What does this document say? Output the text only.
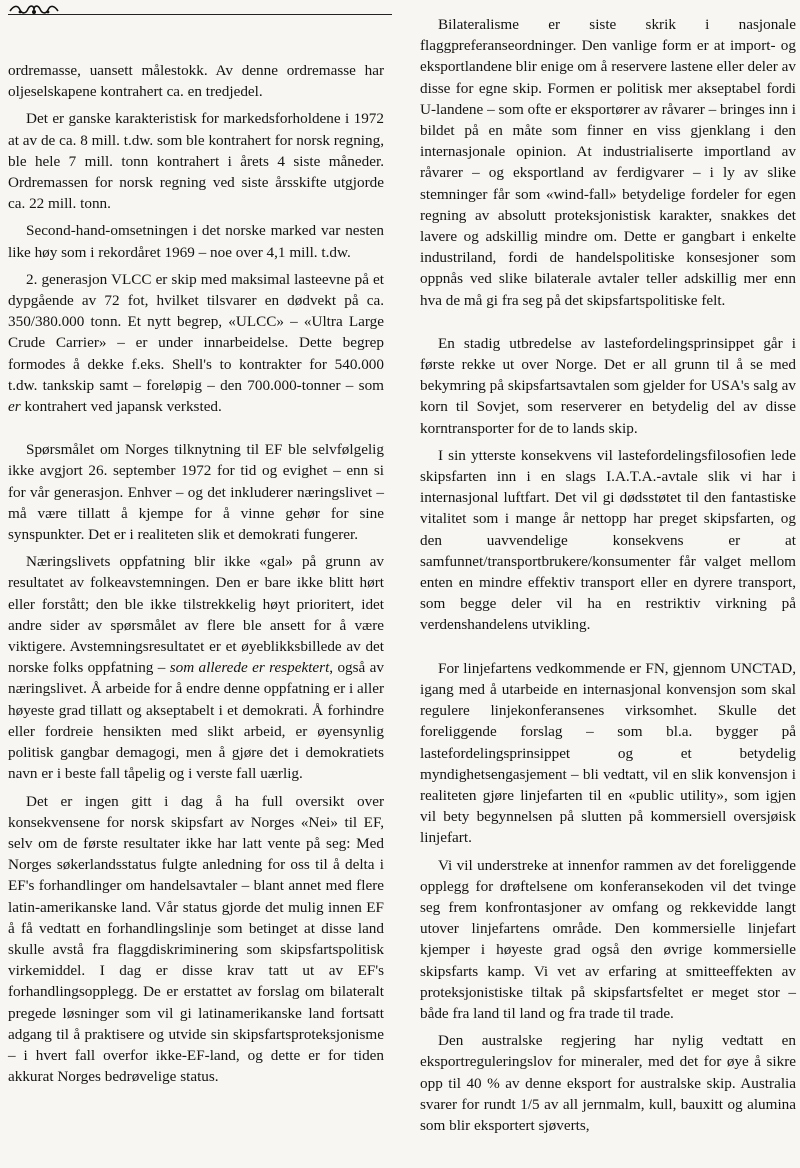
ordremasse, uansett målestokk. Av denne ordremasse har oljeselskapene kontrahert ca. en tredjedel.

Det er ganske karakteristisk for markedsforholdene i 1972 at av de ca. 8 mill. t.dw. som ble kontrahert for norsk regning, ble hele 7 mill. tonn kontrahert i årets 4 siste måneder. Ordremassen for norsk regning ved siste årsskifte utgjorde ca. 22 mill. tonn.

Second-hand-omsetningen i det norske marked var nesten like høy som i rekordåret 1969 – noe over 4,1 mill. t.dw.

2. generasjon VLCC er skip med maksimal lasteevne på et dypgående av 72 fot, hvilket tilsvarer en dødvekt på ca. 350/380.000 tonn. Et nytt begrep, «ULCC» – «Ultra Large Crude Carrier» – er under innarbeidelse. Dette begrep formodes å dekke f.eks. Shell's to kontrakter for 540.000 t.dw. tankskip samt – foreløpig – den 700.000-tonner – som er kontrahert ved japansk verksted.

Spørsmålet om Norges tilknytning til EF ble selvfølgelig ikke avgjort 26. september 1972 for tid og evighet – enn si for vår generasjon. Enhver – og det inkluderer næringslivet – må være tillatt å kjempe for å vinne gehør for sine synspunkter. Det er i realiteten slik et demokrati fungerer.

Næringslivets oppfatning blir ikke «gal» på grunn av resultatet av folkeavstemningen. Den er bare ikke blitt hørt eller forstått; den ble ikke tilstrekkelig høyt prioritert, idet andre sider av spørsmålet av flere ble ansett for å være viktigere. Avstemningsresultatet er et øyeblikksbillede av det norske folks oppfatning – som allerede er respektert, også av næringslivet. Å arbeide for å endre denne oppfatning er i aller høyeste grad tillatt og akseptabelt i et demokrati. Å forhindre eller fordreie hensikten med slikt arbeid, er øyensynlig politisk gangbar demagogi, men å gjøre det i demokratiets navn er i beste fall tåpelig og i verste fall uærlig.

Det er ingen gitt i dag å ha full oversikt over konsekvensene for norsk skipsfart av Norges «Nei» til EF, selv om de første resultater ikke har latt vente på seg: Med Norges søkerlandsstatus fulgte anledning for oss til å delta i EF's forhandlinger om handelsavtaler – blant annet med flere latin-amerikanske land. Vår status gjorde det mulig innen EF å få vedtatt en forhandlingslinje som betinget at disse land skulle avstå fra flaggdiskriminering som skipsfartspolitisk virkemiddel. I dag er disse krav tatt ut av EF's forhandlingsopplegg. De er erstattet av forslag om bilateralt pregede løsninger som vil gi latinamerikanske land fortsatt adgang til å praktisere og utvide sin skipsfartsproteksjonisme – i hvert fall overfor ikke-EF-land, og dette er for tiden akkurat Norges bedrøvelige status.

Bilateralisme er siste skrik i nasjonale flaggpreferanseordninger. Den vanlige form er at import- og eksportlandene blir enige om å reservere lastene eller deler av disse for egne skip. Formen er politisk mer akseptabel fordi U-landene – som ofte er eksportører av råvarer – bringes inn i bildet på en måte som finner en viss gjenklang i den internasjonale opinion. At industrialiserte importland av råvarer – og eksportland av ferdigvarer – i ly av slike stemninger får som «wind-fall» betydelige fordeler for egen regning av absolutt proteksjonistisk karakter, snakkes det lavere og adskillig mindre om. Dette er gangbart i enkelte industriland, fordi de handelspolitiske konsesjoner som oppnås ved slike bilaterale avtaler teller adskillig mer enn hva de må gi fra seg på det skipsfartspolitiske felt.

En stadig utbredelse av lastefordelingsprinsippet går i første rekke ut over Norge. Det er all grunn til å se med bekymring på skipsfartsavtalen som gjelder for USA's salg av korn til Sovjet, som reserverer en betydelig del av disse korntransporter for de to lands skip.

I sin ytterste konsekvens vil lastefordelingsfilosofien lede skipsfarten inn i en slags I.A.T.A.-avtale slik vi har i internasjonal luftfart. Det vil gi dødsstøtet til den fantastiske vitalitet som i mange år nettopp har preget skipsfarten, og den uavvendelige konsekvens er at samfunnet/transportbrukere/konsumenter får valget mellom enten en mindre effektiv transport eller en dyrere transport, som begge deler vil ha en restriktiv virkning på verdenshandelens utvikling.

For linjefartens vedkommende er FN, gjennom UNCTAD, igang med å utarbeide en internasjonal konvensjon som skal regulere linjekonferansenes virksomhet. Skulle det foreliggende forslag – som bl.a. bygger på lastefordelingsprinsippet og et betydelig myndighetsengasjement – bli vedtatt, vil en slik konvensjon i realiteten gjøre linjefarten til en «public utility», som igjen vil bety begynnelsen på slutten på kommersiell oversjøisk linjefart.

Vi vil understreke at innenfor rammen av det foreliggende opplegg for drøftelsene om konferansekoden vil det tvinge seg frem konfrontasjoner av omfang og rekkevidde langt utover linjefartens område. Den kommersielle linjefart kjemper i høyeste grad også den øvrige kommersielle skipsfarts kamp. Vi vet av erfaring at smitteeffekten av proteksjonistiske tiltak på skipsfartsfeltet er meget stor – både fra land til land og fra trade til trade.

Den australske regjering har nylig vedtatt en eksportreguleringslov for mineraler, med det for øye å sikre opp til 40 % av denne eksport for australske skip. Australia svarer for rundt 1/5 av all jernmalm, kull, bauxitt og alumina som blir eksportert sjøverts,
